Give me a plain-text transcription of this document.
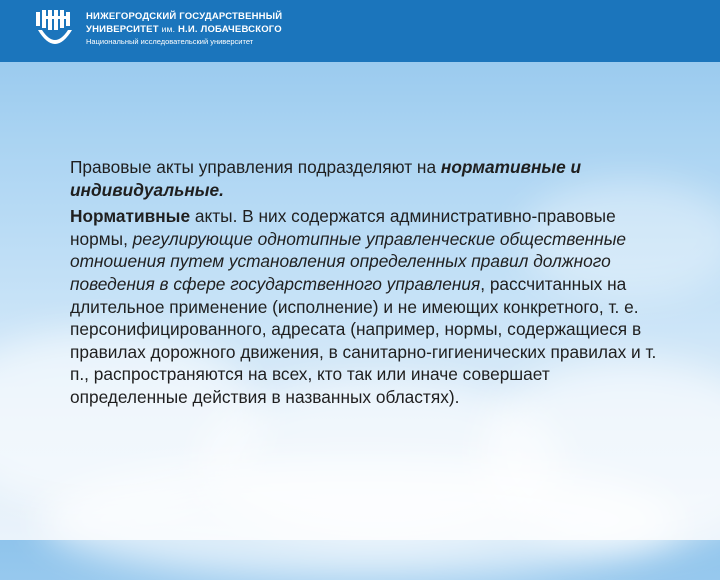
НИЖЕГОРОДСКИЙ ГОСУДАРСТВЕННЫЙ
УНИВЕРСИТЕТ им. Н.И. ЛОБАЧЕВСКОГО
Национальный исследовательский университет

Правовые акты управления подразделяют на нормативные и индивидуальные.

Нормативные акты. В них содержатся административно-правовые нормы, регулирующие однотипные управленческие общественные отношения путем установления определенных правил должного поведения в сфере государственного управления, рассчитанных на длительное применение (исполнение) и не имеющих конкретного, т. е. персонифицированного, адресата (например, нормы, содержащиеся в правилах дорожного движения, в санитарно-гигиенических правилах и т. п., распространяются на всех, кто так или иначе совершает определенные действия в названных областях).
